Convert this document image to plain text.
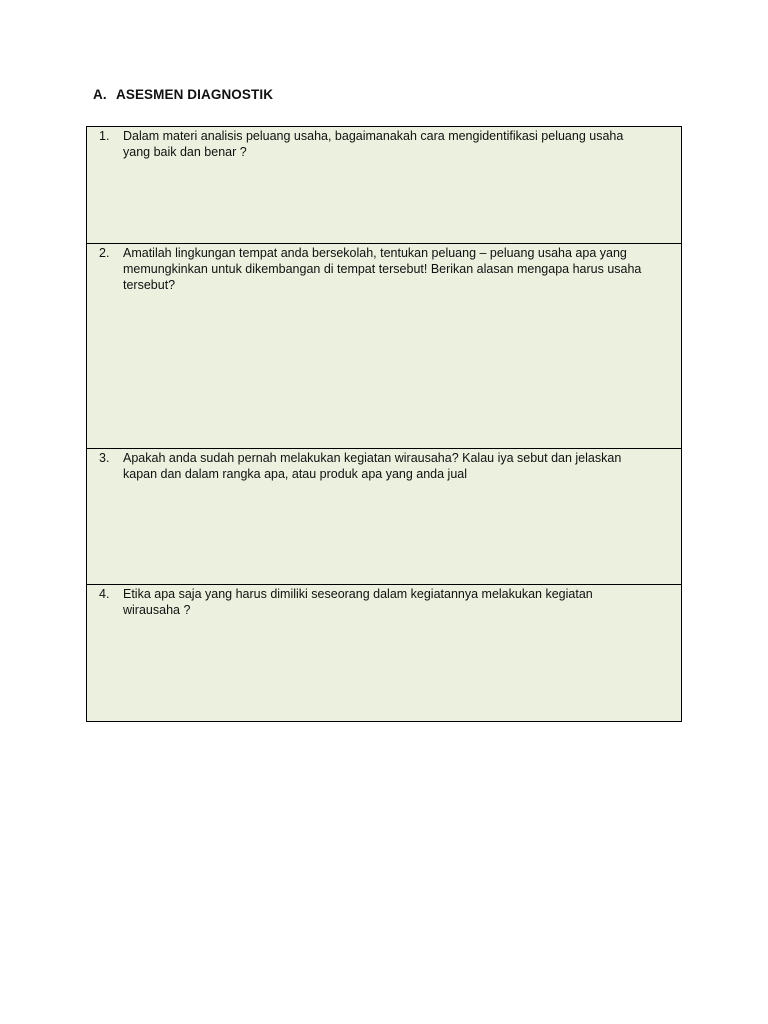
A. ASESMEN DIAGNOSTIK
1.	Dalam materi analisis peluang usaha, bagaimanakah cara mengidentifikasi peluang usaha yang baik dan benar ?
2.	Amatilah lingkungan tempat anda bersekolah, tentukan peluang – peluang usaha apa yang memungkinkan untuk dikembangan di tempat tersebut! Berikan alasan mengapa harus usaha tersebut?
3.	Apakah anda sudah pernah melakukan kegiatan wirausaha? Kalau iya sebut dan jelaskan kapan dan dalam rangka apa, atau produk apa yang anda jual
4.	Etika apa saja yang harus dimiliki seseorang dalam kegiatannya melakukan kegiatan wirausaha ?
